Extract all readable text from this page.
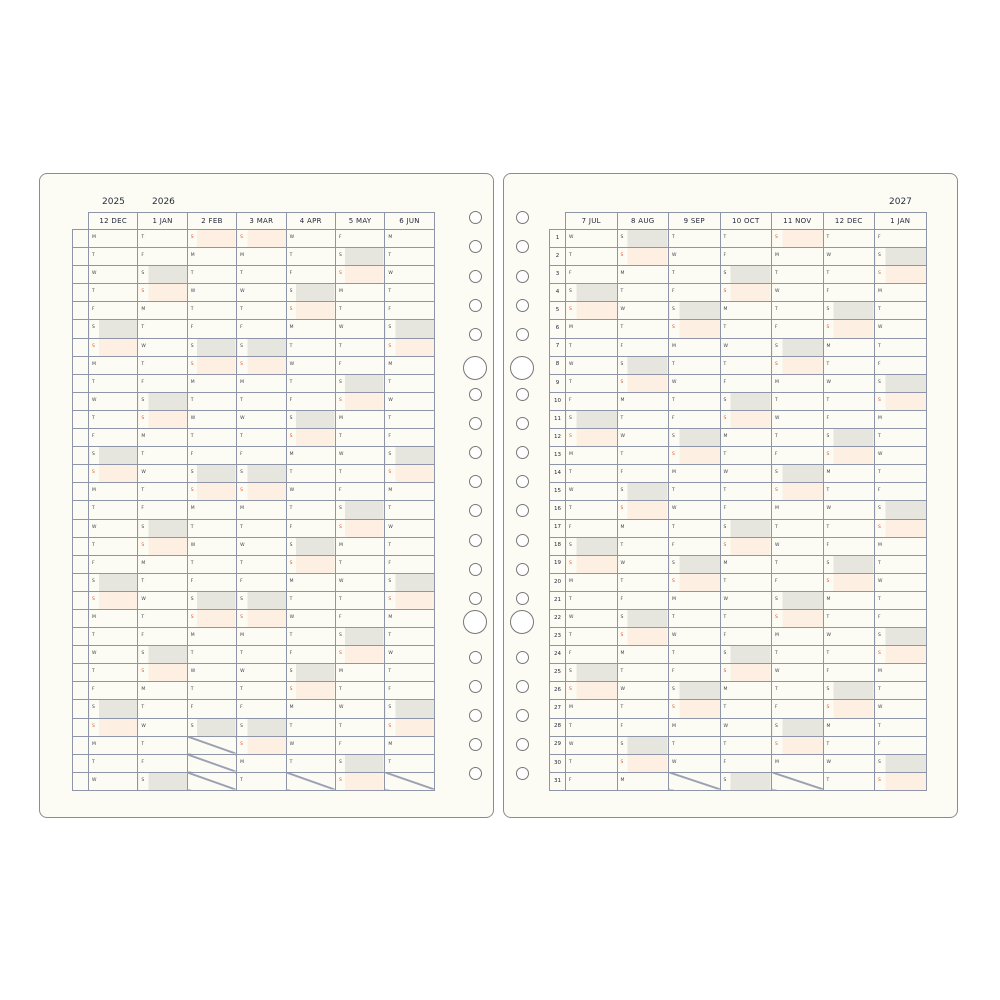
2025	2026
	12 DEC	1 JAN	2 FEB	3 MAR	4 APR	5 MAY	6 JUN

	M	T	S	S	W	F	M

	T	F	M	M	T	S	T

	W	S	T	T	F	S	W

	T	S	W	W	S	M	T

	F	M	T	T	S	T	F

	S	T	F	F	M	W	S

	S	W	S	S	T	T	S

	M	T	S	S	W	F	M

	T	F	M	M	T	S	T

	W	S	T	T	F	S	W

	T	S	W	W	S	M	T

	F	M	T	T	S	T	F

	S	T	F	F	M	W	S

	S	W	S	S	T	T	S

	M	T	S	S	W	F	M

	T	F	M	M	T	S	T

	W	S	T	T	F	S	W

	T	S	W	W	S	M	T

	F	M	T	T	S	T	F

	S	T	F	F	M	W	S

	S	W	S	S	T	T	S

	M	T	S	S	W	F	M

	T	F	M	M	T	S	T

	W	S	T	T	F	S	W

	T	S	W	W	S	M	T

	F	M	T	T	S	T	F

	S	T	F	F	M	W	S

	S	W	S	S	T	T	S

	M	T		S	W	F	M

	T	F		M	T	S	T

	W	S		T		S	

2027
	7 JUL	8 AUG	9 SEP	10 OCT	11 NOV	12 DEC	1 JAN
1	W	S	T	T	S	T	F

2	T	S	W	F	M	W	S

3	F	M	T	S	T	T	S

4	S	T	F	S	W	F	M

5	S	W	S	M	T	S	T

6	M	T	S	T	F	S	W

7	T	F	M	W	S	M	T

8	W	S	T	T	S	T	F

9	T	S	W	F	M	W	S

10	F	M	T	S	T	T	S

11	S	T	F	S	W	F	M

12	S	W	S	M	T	S	T

13	M	T	S	T	F	S	W

14	T	F	M	W	S	M	T

15	W	S	T	T	S	T	F

16	T	S	W	F	M	W	S

17	F	M	T	S	T	T	S

18	S	T	F	S	W	F	M

19	S	W	S	M	T	S	T

20	M	T	S	T	F	S	W

21	T	F	M	W	S	M	T

22	W	S	T	T	S	T	F

23	T	S	W	F	M	W	S

24	F	M	T	S	T	T	S

25	S	T	F	S	W	F	M

26	S	W	S	M	T	S	T

27	M	T	S	T	F	S	W

28	T	F	M	W	S	M	T

29	W	S	T	T	S	T	F

30	T	S	W	F	M	W	S

31	F	M		S		T	S
